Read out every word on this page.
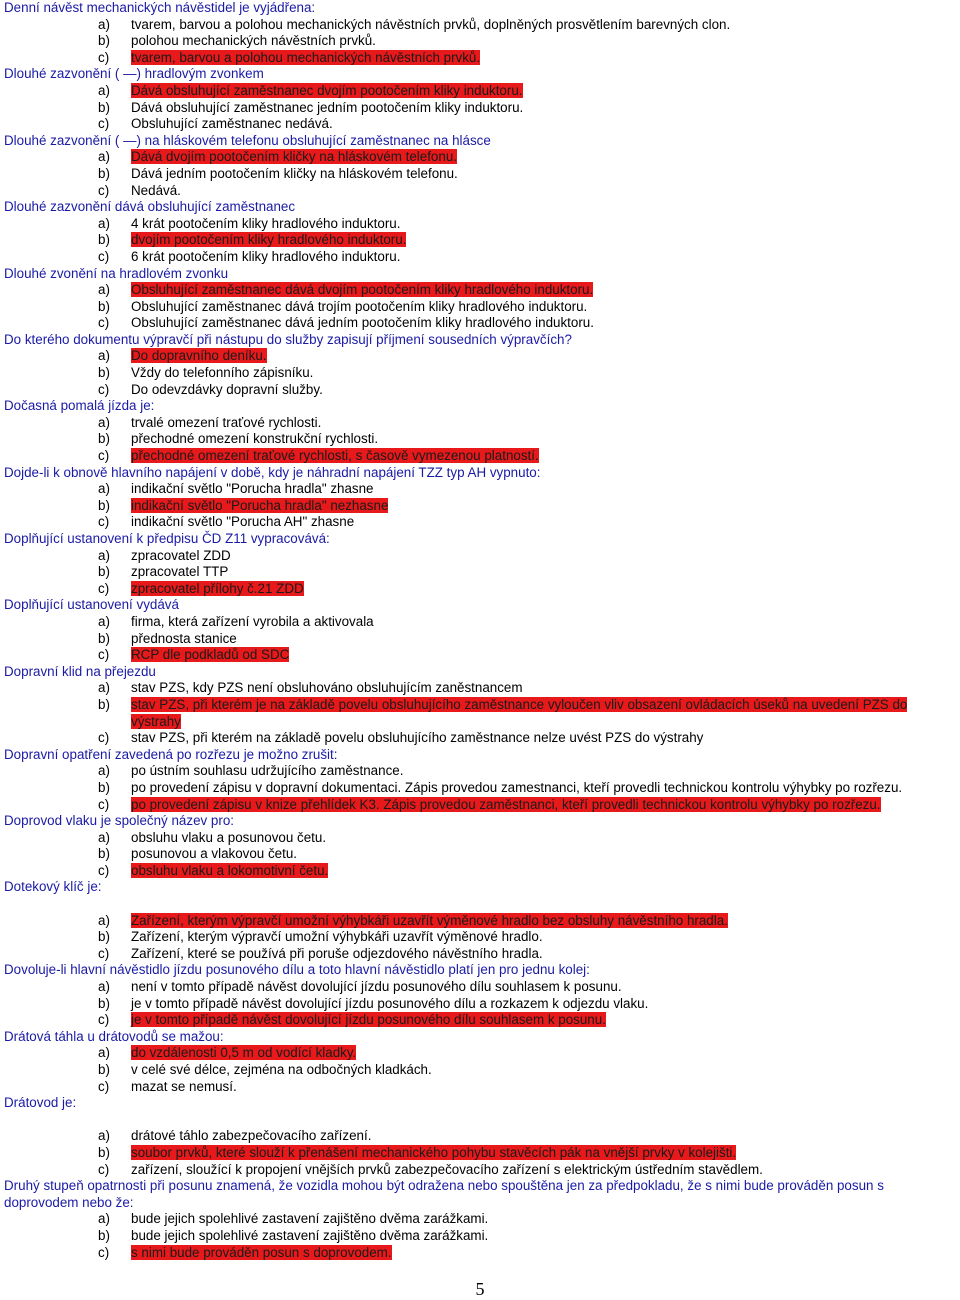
Denní návěst mechanických návěstidel je vyjádřena:

a) tvarem, barvou a polohou mechanických návěstních prvků, doplněných prosvětlením barevných clon.

b) polohou mechanických návěstních prvků.

c) tvarem, barvou a polohou mechanických návěstních prvků.

Dlouhé zazvonění ( —) hradlovým zvonkem

a) Dává obsluhující zaměstnanec dvojím pootočením kliky induktoru.

b) Dává obsluhující zaměstnanec jedním pootočením kliky induktoru.

c) Obsluhující zaměstnanec nedává.

Dlouhé zazvonění ( —) na hláskovém telefonu obsluhující zaměstnanec na hlásce

a) Dává dvojím pootočením kličky na hláskovém telefonu.

b) Dává jedním pootočením kličky na hláskovém telefonu.

c) Nedává.

Dlouhé zazvonění dává obsluhující zaměstnanec

a) 4 krát pootočením kliky hradlového induktoru.

b) dvojím pootočením kliky hradlového induktoru.

c) 6 krát pootočením kliky hradlového induktoru.

Dlouhé zvonění na hradlovém zvonku

a) Obsluhující zaměstnanec dává dvojím pootočením kliky hradlového induktoru.

b) Obsluhující zaměstnanec dává trojím pootočením kliky hradlového induktoru.

c) Obsluhující zaměstnanec dává jedním pootočením kliky hradlového induktoru.

Do kterého dokumentu výpravčí při nástupu do služby zapisují příjmení sousedních výpravčích?

a) Do dopravního deníku.

b) Vždy do telefonního zápisníku.

c) Do odevzdávky dopravní služby.

Dočasná pomalá jízda je:

a) trvalé omezení traťové rychlosti.

b) přechodné omezení konstrukční rychlosti.

c) přechodné omezení traťové rychlosti, s časově vymezenou platností.

Dojde-li k obnově hlavního napájení v době, kdy je náhradní napájení TZZ typ AH vypnuto:

a) indikační světlo "Porucha hradla" zhasne

b) indikační světlo "Porucha hradla" nezhasne

c) indikační světlo "Porucha AH" zhasne

Doplňující ustanovení k předpisu ČD Z11 vypracovává:

a) zpracovatel ZDD

b) zpracovatel TTP

c) zpracovatel přílohy č.21 ZDD

Doplňující ustanovení vydává

a) firma, která zařízení vyrobila a aktivovala

b) přednosta stanice

c) RCP dle podkladů od SDC

Dopravní klid na přejezdu

a) stav PZS, kdy PZS není obsluhováno obsluhujícím zaněstnancem

b) stav PZS, při kterém je na základě povelu obsluhujícího zaměstnance vyloučen vliv obsazení ovládacích úseků na uvedení PZS do výstrahy

c) stav PZS, při kterém na základě povelu obsluhujícího zaměstnance nelze uvést PZS do výstrahy

Dopravní opatření zavedená po rozřezu je možno zrušit:

a) po ústním souhlasu udržujícího zaměstnance.

b) po provedení zápisu v dopravní dokumentaci. Zápis provedou zamestnanci, kteří provedli technickou kontrolu výhybky po rozřezu.

c) po provedení zápisu v knize přehlídek K3. Zápis provedou zaměstnanci, kteří provedli technickou kontrolu výhybky po rozřezu.

Doprovod vlaku je společný název pro:

a) obsluhu vlaku a posunovou četu.

b) posunovou a vlakovou četu.

c) obsluhu vlaku a lokomotivní četu.

Dotekový klíč je:

a) Zařízení, kterým výpravčí umožní výhybkáři uzavřít výměnové hradlo bez obsluhy návěstního hradla.

b) Zařízení, kterým výpravčí umožní výhybkáři uzavřít výměnové hradlo.

c) Zařízení, které se používá při poruše odjezdového návěstního hradla.

Dovoluje-li hlavní návěstidlo jízdu posunového dílu a toto hlavní návěstidlo platí jen pro jednu kolej:

a) není v tomto případě návěst dovolující jízdu posunového dílu souhlasem k posunu.

b) je v tomto případě návěst dovolující jízdu posunového dílu a rozkazem k odjezdu vlaku.

c) je v tomto případě návěst dovolující jízdu posunového dílu souhlasem k posunu.

Drátová táhla u drátovodů se mažou:

a) do vzdálenosti 0,5 m od vodící kladky.

b) v celé své délce, zejména na odbočných kladkách.

c) mazat se nemusí.

Drátovod je:

a) drátové táhlo zabezpečovacího zařízení.

b) soubor prvků, které slouží k přenášení mechanického pohybu stavěcích pák na vnější prvky v kolejišti.

c) zařízení, sloužící k propojení vnějších prvků zabezpečovacího zařízení s elektrickým ústředním stavědlem.

Druhý stupeň opatrnosti při posunu znamená, že vozidla mohou být odražena nebo spouštěna jen za předpokladu, že s nimi bude prováděn posun s doprovodem nebo že:

a) bude jejich spolehlivé zastavení zajištěno dvěma zarážkami.

b) bude jejich spolehlivé zastavení zajištěno dvěma zarážkami.

c) s nimi bude prováděn posun s doprovodem.

5
